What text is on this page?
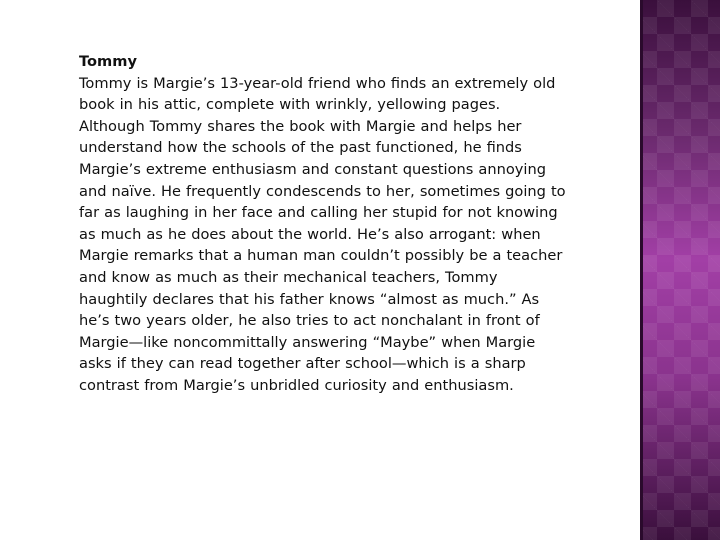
Tommy

Tommy is Margie’s 13-year-old friend who finds an extremely old book in his attic, complete with wrinkly, yellowing pages. Although Tommy shares the book with Margie and helps her understand how the schools of the past functioned, he finds Margie’s extreme enthusiasm and constant questions annoying and naïve. He frequently condescends to her, sometimes going to far as laughing in her face and calling her stupid for not knowing as much as he does about the world. He’s also arrogant: when Margie remarks that a human man couldn’t possibly be a teacher and know as much as their mechanical teachers, Tommy haughtily declares that his father knows “almost as much.” As he’s two years older, he also tries to act nonchalant in front of Margie—like noncommittally answering “Maybe” when Margie asks if they can read together after school—which is a sharp contrast from Margie’s unbridled curiosity and enthusiasm.
